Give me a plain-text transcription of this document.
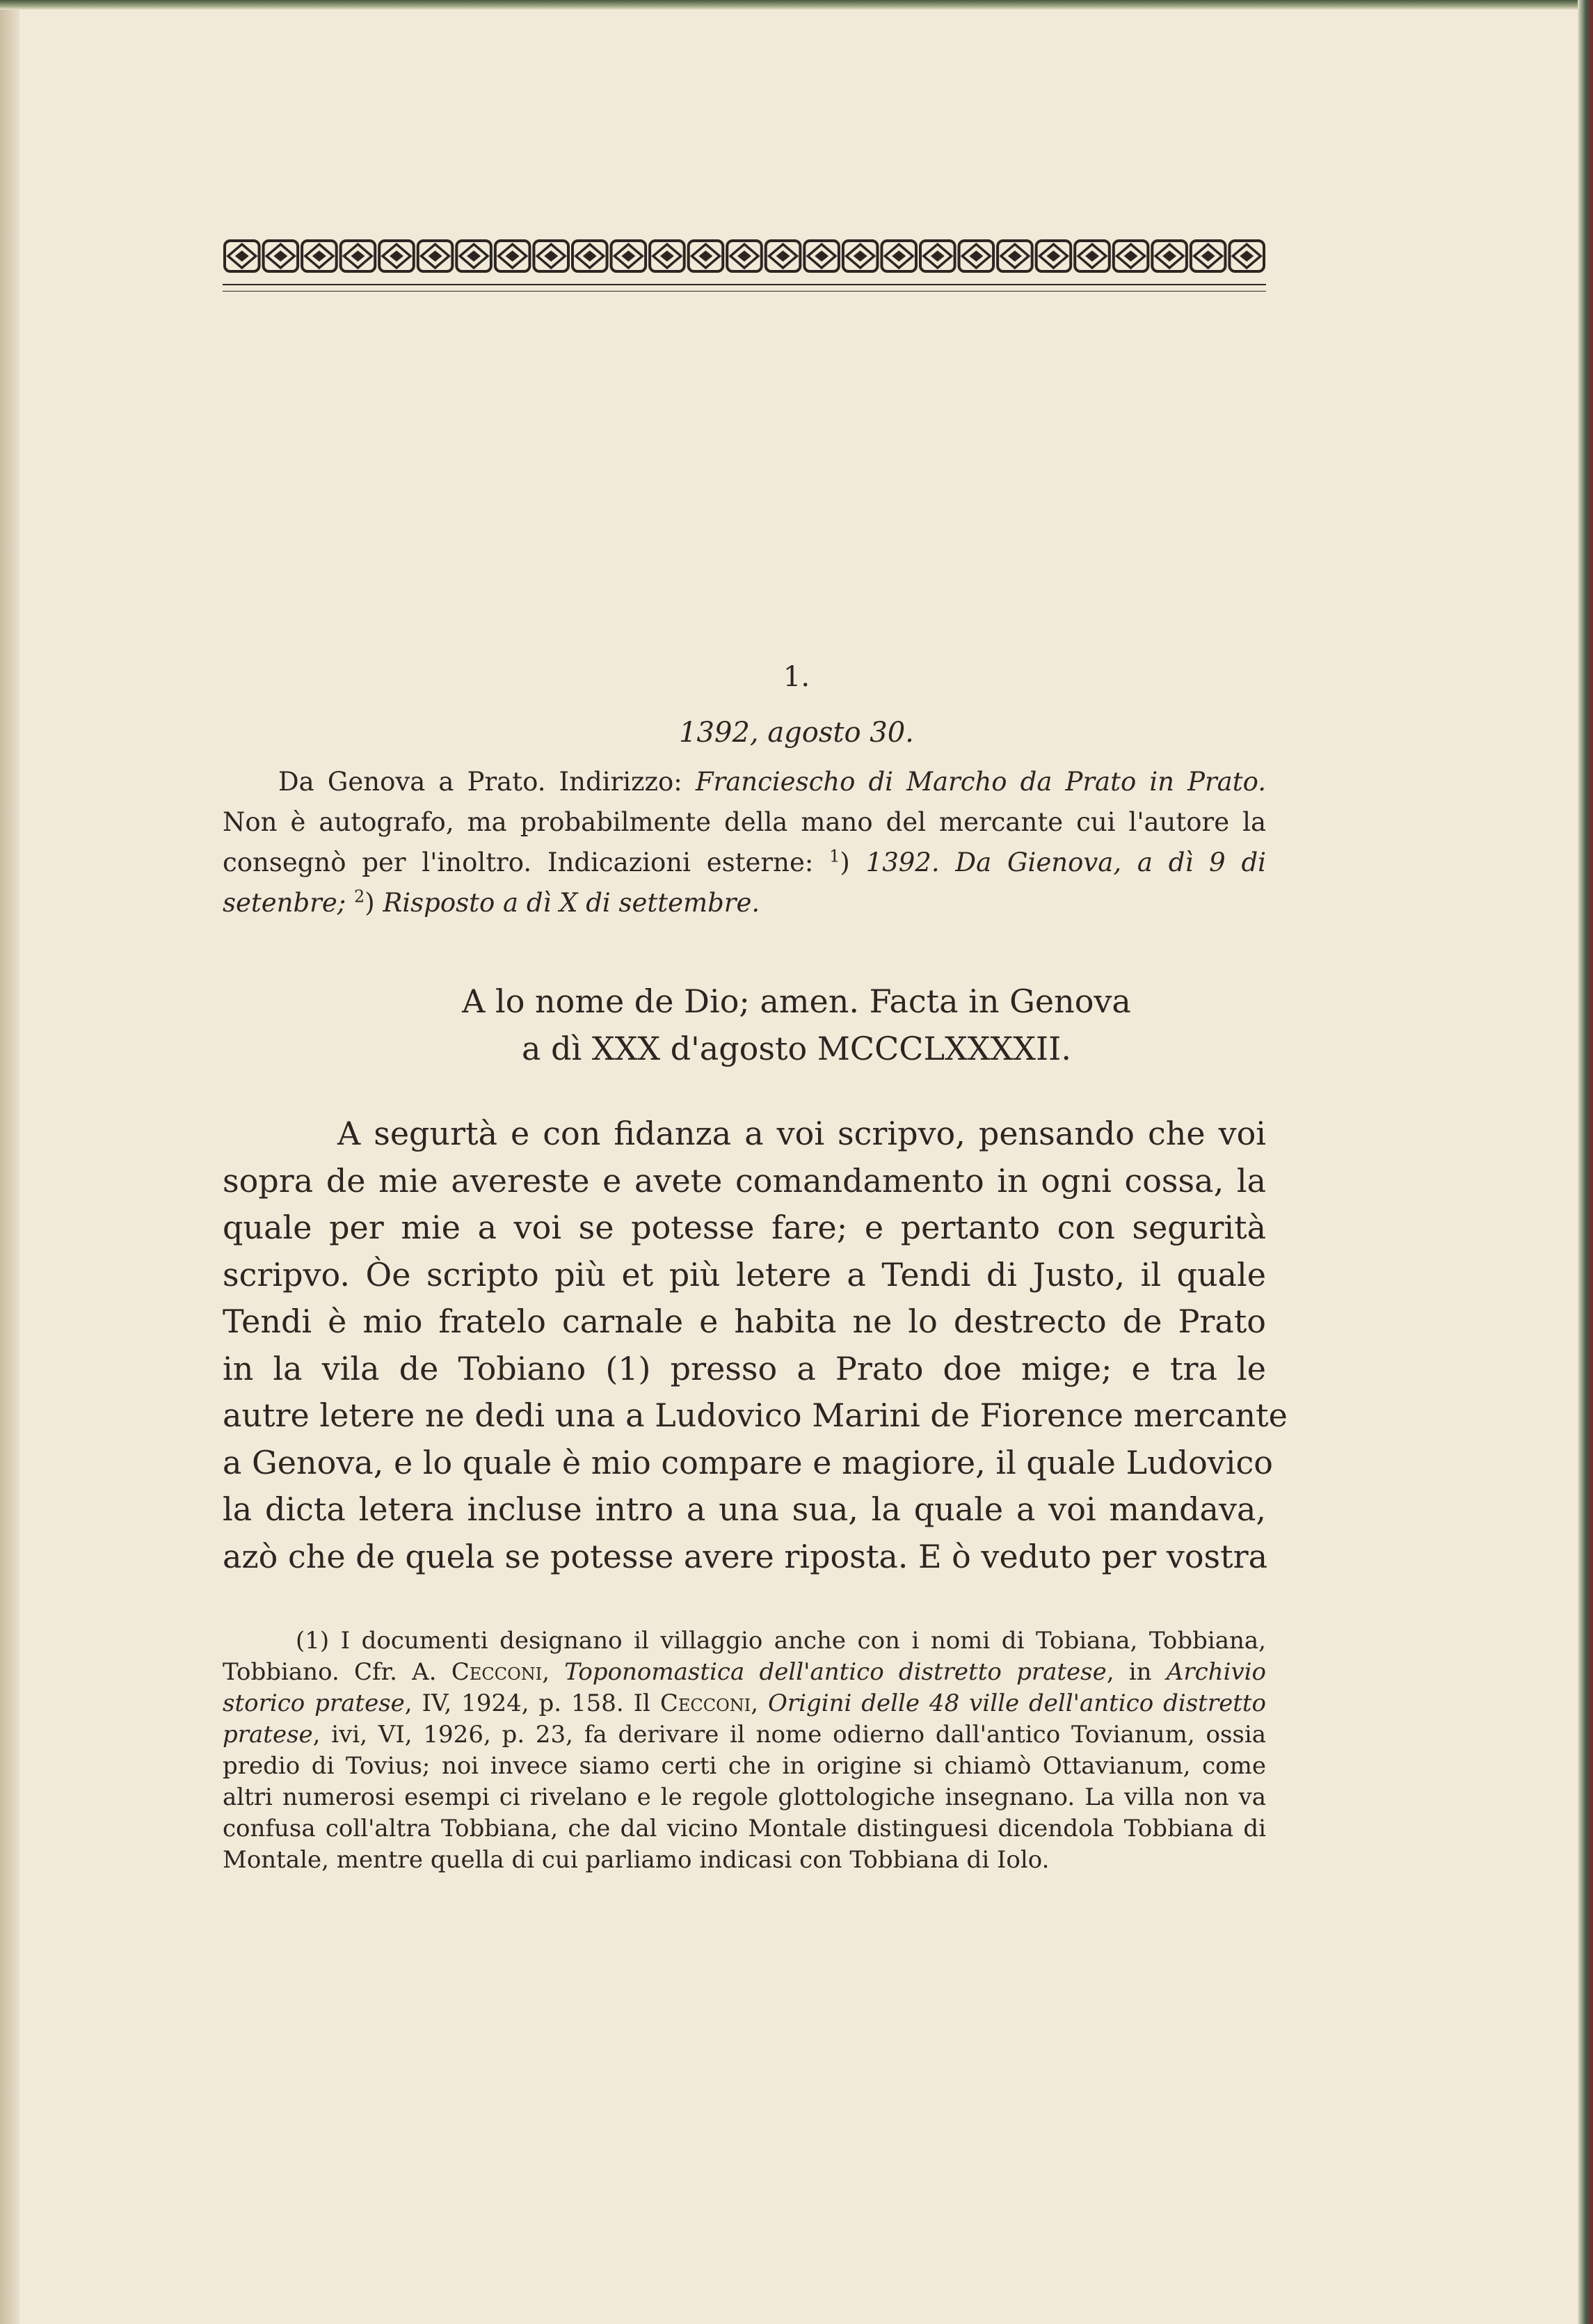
1.
1392, agosto 30.
Da Genova a Prato. Indirizzo: Franciescho di Marcho da Prato in Prato.
Non è autografo, ma probabilmente della mano del mercante cui l'autore la
consegnò per l'inoltro. Indicazioni esterne: $^1$) 1392. Da Gienova, a dì 9 di
setenbre; $^2$) Risposto a dì X di settembre.
A lo nome de Dio; amen. Facta in Genova
a dì XXX d'agosto MCCCLXXXXII.
A segurtà e con fidanza a voi scripvo, pensando che voi
sopra de mie avereste e avete comandamento in ogni cossa, la
quale per mie a voi se potesse fare; e pertanto con segurità
scripvo. Òe scripto più et più letere a Tendi di Justo, il quale
Tendi è mio fratelo carnale e habita ne lo destrecto de Prato
in la vila de Tobiano (1) presso a Prato doe mige; e tra le
autre letere ne dedi una a Ludovico Marini de Fiorence mercante
a Genova, e lo quale è mio compare e magiore, il quale Ludovico
la dicta letera incluse intro a una sua, la quale a voi mandava,
azò che de quela se potesse avere riposta. E ò veduto per vostra
(1) I documenti designano il villaggio anche con i nomi di Tobiana, Tobbiana,
Tobbiano. Cfr. A. Cecconi, Toponomastica dell'antico distretto pratese, in Archivio
storico pratese, IV, 1924, p. 158. Il Cecconi, Origini delle 48 ville dell'antico distretto
pratese, ivi, VI, 1926, p. 23, fa derivare il nome odierno dall'antico Tovianum, ossia
predio di Tovius; noi invece siamo certi che in origine si chiamò Ottavianum, come
altri numerosi esempi ci rivelano e le regole glottologiche insegnano. La villa non va
confusa coll'altra Tobbiana, che dal vicino Montale distinguesi dicendola Tobbiana di
Montale, mentre quella di cui parliamo indicasi con Tobbiana di Iolo.
